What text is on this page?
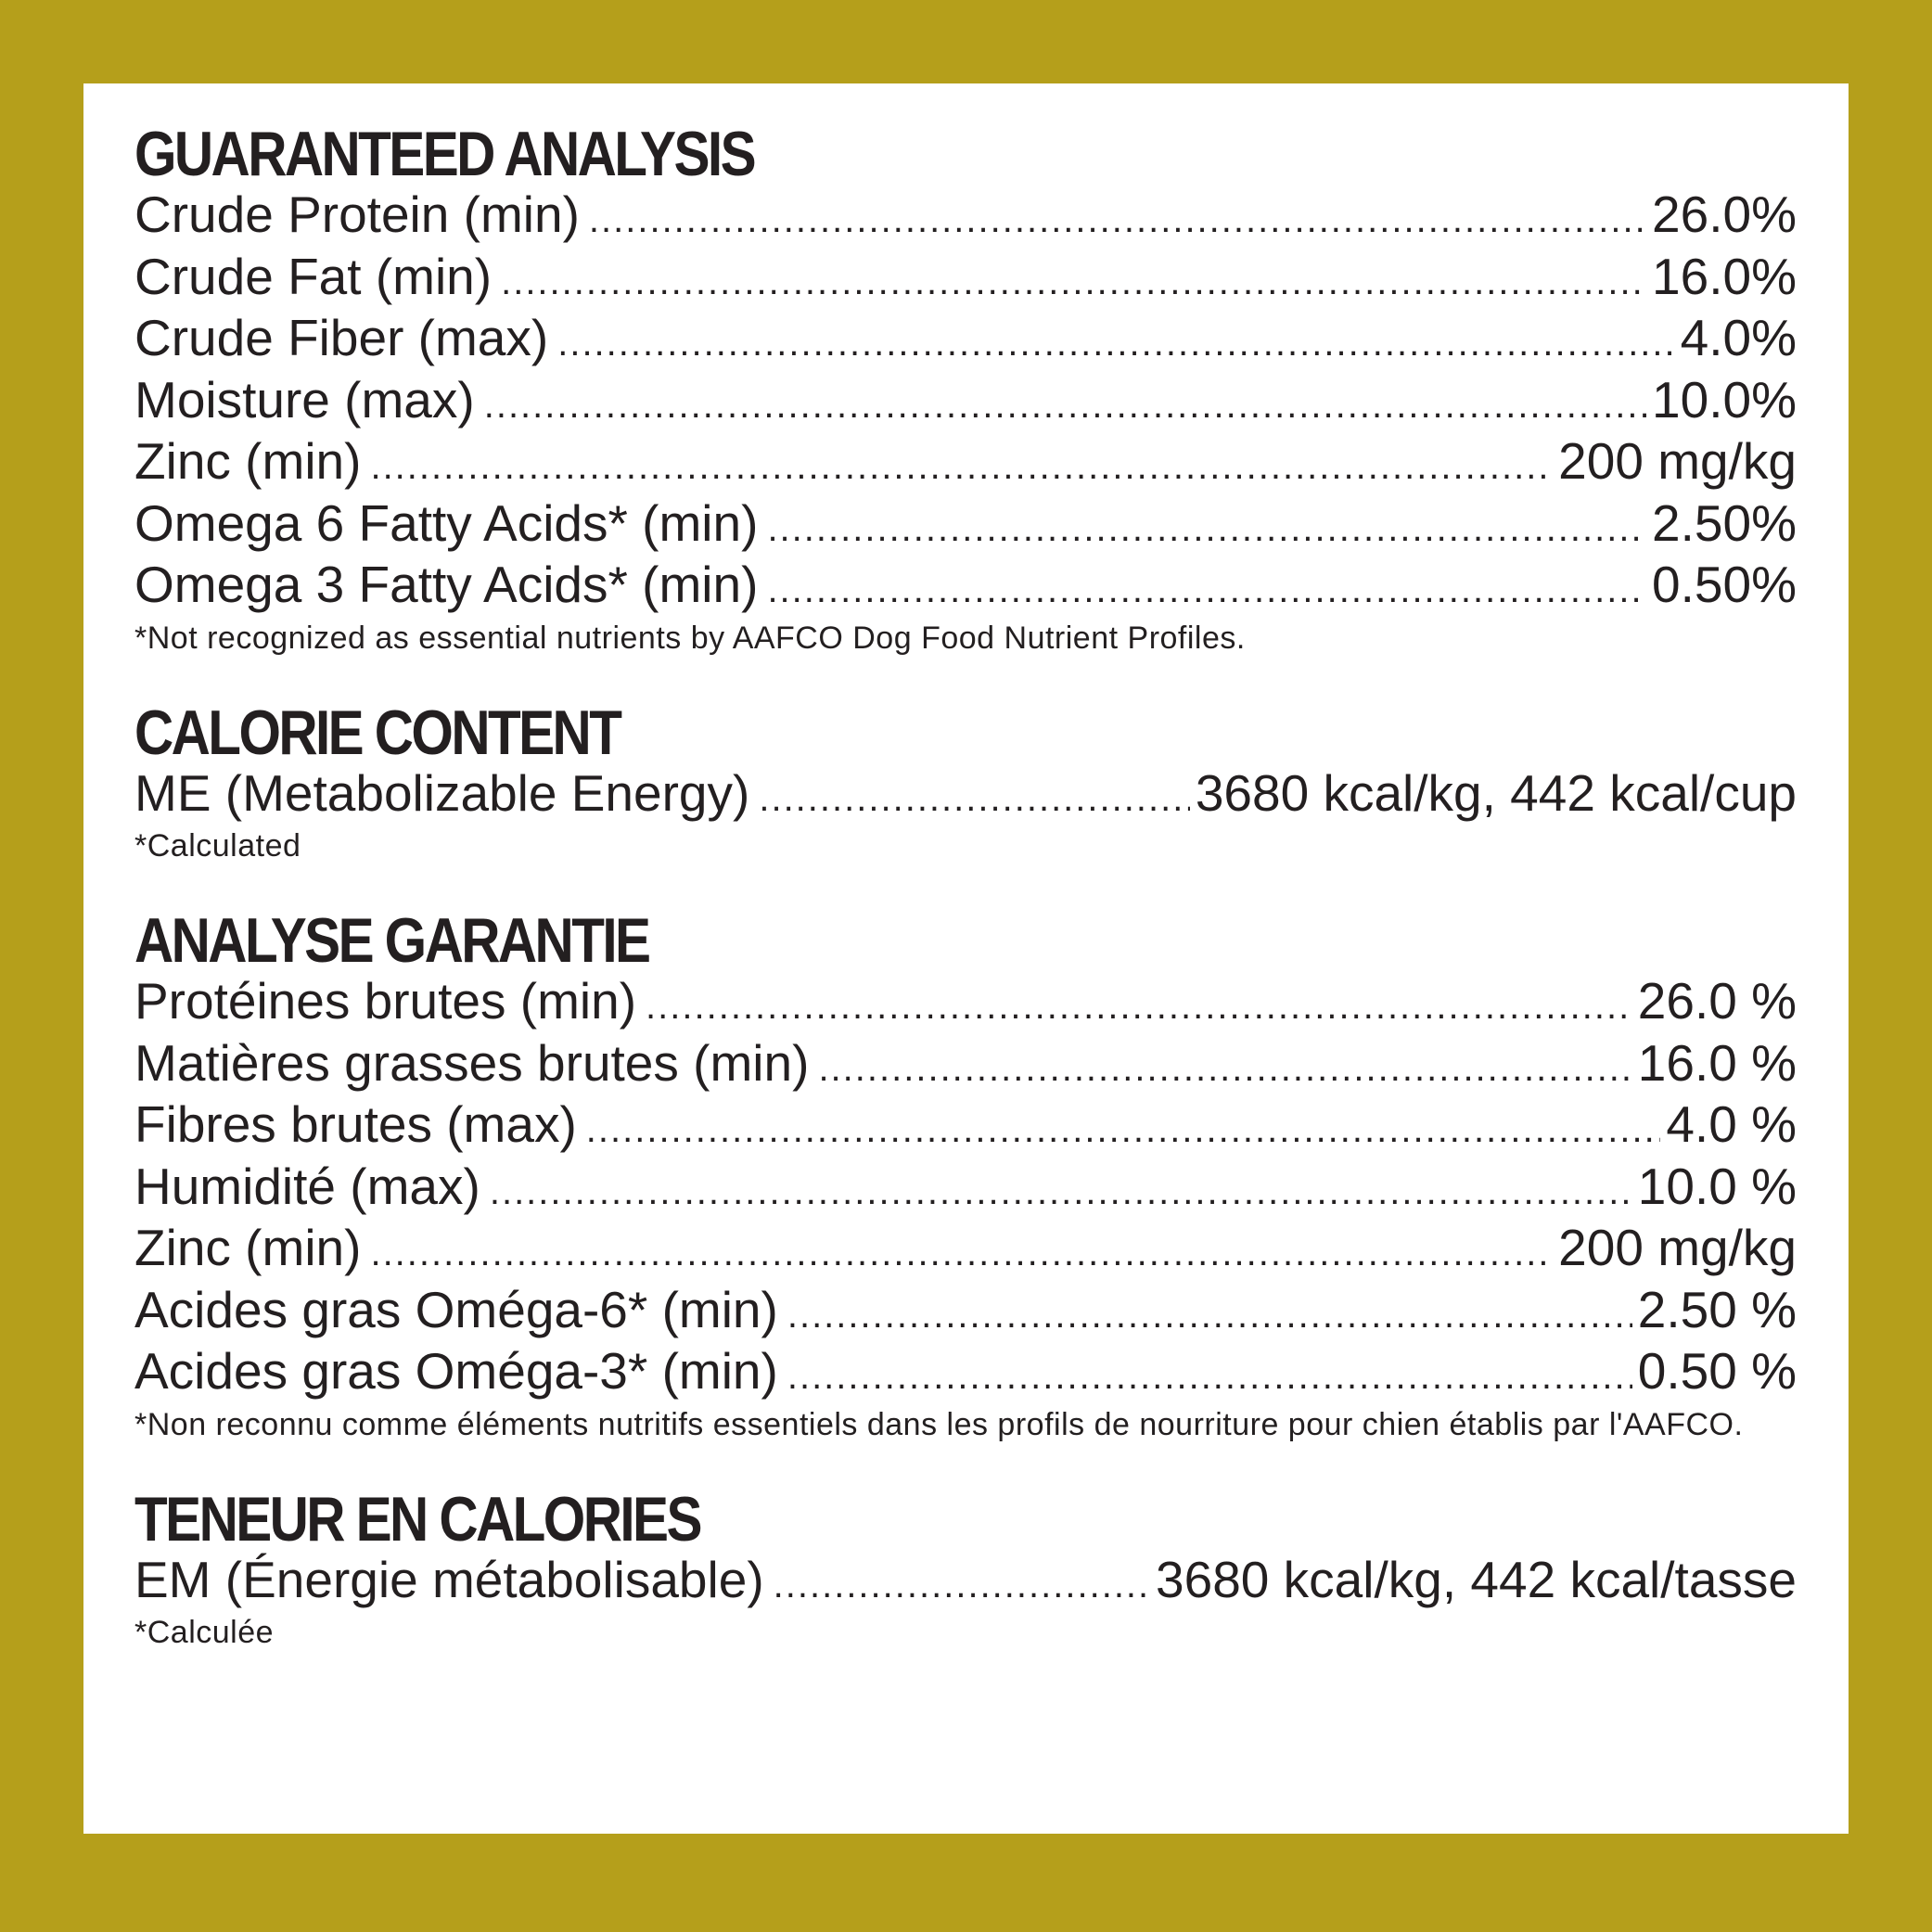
GUARANTEED ANALYSIS
Crude Protein (min) .....	26.0%
Crude Fat (min) .....	16.0%
Crude Fiber (max) .....	4.0%
Moisture (max) .....	10.0%
Zinc (min) .....	200 mg/kg
Omega 6 Fatty Acids* (min) .....	2.50%
Omega 3 Fatty Acids* (min) .....	0.50%
*Not recognized as essential nutrients by AAFCO Dog Food Nutrient Profiles.
CALORIE CONTENT
ME (Metabolizable Energy) .....	3680 kcal/kg, 442 kcal/cup
*Calculated
ANALYSE GARANTIE
Protéines brutes (min) .....	26.0 %
Matières grasses brutes (min) .....	16.0 %
Fibres brutes (max) .....	4.0 %
Humidité (max) .....	10.0 %
Zinc (min) .....	200 mg/kg
Acides gras Oméga-6* (min) .....	2.50 %
Acides gras Oméga-3* (min) .....	0.50 %
*Non reconnu comme éléments nutritifs essentiels dans les profils de nourriture pour chien établis par l'AAFCO.
TENEUR EN CALORIES
EM (Énergie métabolisable) .....	3680 kcal/kg, 442 kcal/tasse
*Calculée
